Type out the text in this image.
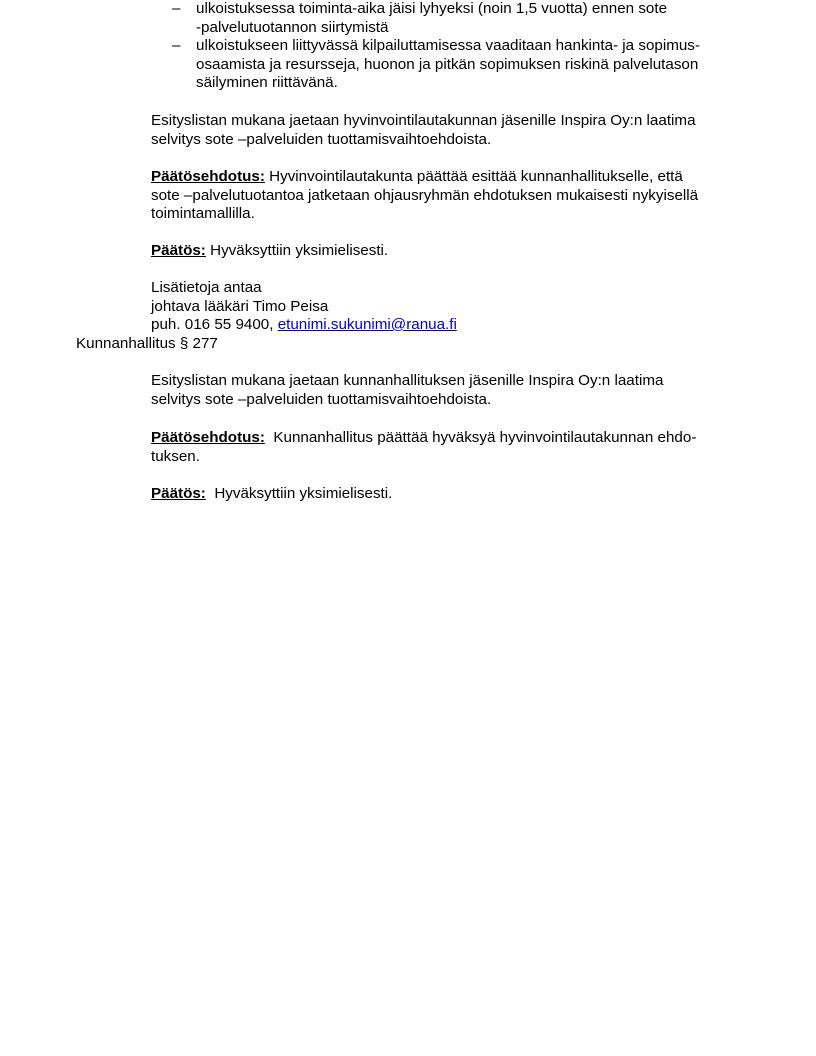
– ulkoistuksessa toiminta-aika jäisi lyhyeksi (noin 1,5 vuotta) ennen sote
-palvelutuotannon siirtymistä
– ulkoistukseen liittyvässä kilpailuttamisessa vaaditaan hankinta- ja sopimus-
osaamista ja resursseja, huonon ja pitkän sopimuksen riskinä palvelutason
säilyminen riittävänä.

Esityslistan mukana jaetaan hyvinvointilautakunnan jäsenille Inspira Oy:n laatima
selvitys sote –palveluiden tuottamisvaihtoehdoista.

Päätösehdotus: Hyvinvointilautakunta päättää esittää kunnanhallitukselle, että
sote –palvelutuotantoa jatketaan ohjausryhmän ehdotuksen mukaisesti nykyisellä
toimintamallilla.

Päätös: Hyväksyttiin yksimielisesti.

Lisätietoja antaa
johtava lääkäri Timo Peisa
puh. 016 55 9400, etunimi.sukunimi@ranua.fi

Kunnanhallitus § 277

Esityslistan mukana jaetaan kunnanhallituksen jäsenille Inspira Oy:n laatima
selvitys sote –palveluiden tuottamisvaihtoehdoista.

Päätösehdotus:  Kunnanhallitus päättää hyväksyä hyvinvointilautakunnan ehdo-
tuksen.

Päätös:  Hyväksyttiin yksimielisesti.
